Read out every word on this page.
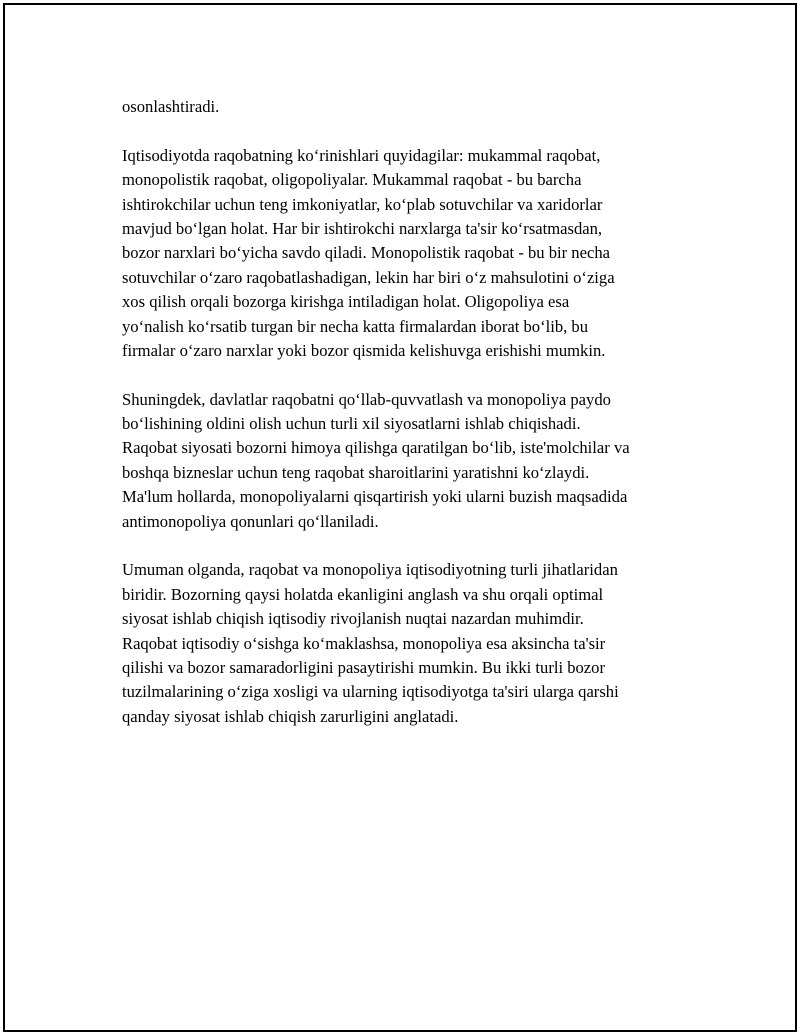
osonlashtiradi.
Iqtisodiyotda raqobatning ko‘rinishlari quyidagilar: mukammal raqobat,
monopolistik raqobat, oligopoliyalar. Mukammal raqobat - bu barcha
ishtirokchilar uchun teng imkoniyatlar, ko‘plab sotuvchilar va xaridorlar
mavjud bo‘lgan holat. Har bir ishtirokchi narxlarga ta'sir ko‘rsatmasdan,
bozor narxlari bo‘yicha savdo qiladi. Monopolistik raqobat - bu bir necha
sotuvchilar o‘zaro raqobatlashadigan, lekin har biri o‘z mahsulotini o‘ziga
xos qilish orqali bozorga kirishga intiladigan holat. Oligopoliya esa
yo‘nalish ko‘rsatib turgan bir necha katta firmalardan iborat bo‘lib, bu
firmalar o‘zaro narxlar yoki bozor qismida kelishuvga erishishi mumkin.
Shuningdek, davlatlar raqobatni qo‘llab-quvvatlash va monopoliya paydo
bo‘lishining oldini olish uchun turli xil siyosatlarni ishlab chiqishadi.
Raqobat siyosati bozorni himoya qilishga qaratilgan bo‘lib, iste'molchilar va
boshqa bizneslar uchun teng raqobat sharoitlarini yaratishni ko‘zlaydi.
Ma'lum hollarda, monopoliyalarni qisqartirish yoki ularni buzish maqsadida
antimonopoliya qonunlari qo‘llaniladi.
Umuman olganda, raqobat va monopoliya iqtisodiyotning turli jihatlaridan
biridir. Bozorning qaysi holatda ekanligini anglash va shu orqali optimal
siyosat ishlab chiqish iqtisodiy rivojlanish nuqtai nazardan muhimdir.
Raqobat iqtisodiy o‘sishga ko‘maklashsa, monopoliya esa aksincha ta'sir
qilishi va bozor samaradorligini pasaytirishi mumkin. Bu ikki turli bozor
tuzilmalarining o‘ziga xosligi va ularning iqtisodiyotga ta'siri ularga qarshi
qanday siyosat ishlab chiqish zarurligini anglatadi.
